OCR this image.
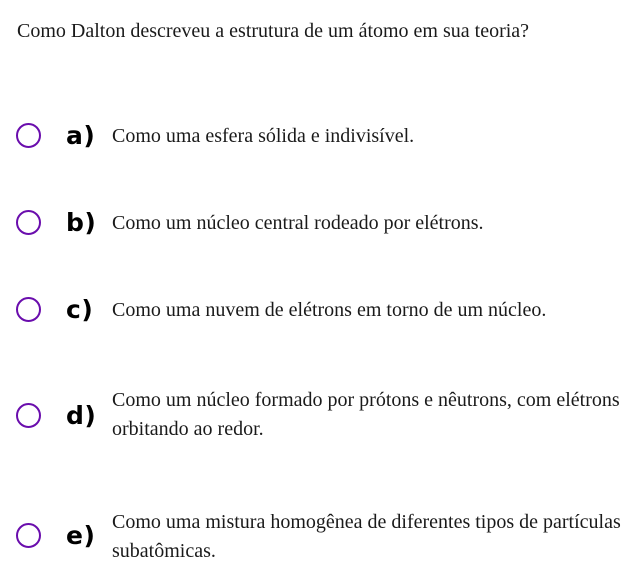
Como Dalton descreveu a estrutura de um átomo em sua teoria?
a) Como uma esfera sólida e indivisível.
b) Como um núcleo central rodeado por elétrons.
c) Como uma nuvem de elétrons em torno de um núcleo.
d)
Como um núcleo formado por prótons e nêutrons, com elétrons orbitando ao redor.
e) Como uma mistura homogênea de diferentes tipos de partículas subatômicas.
